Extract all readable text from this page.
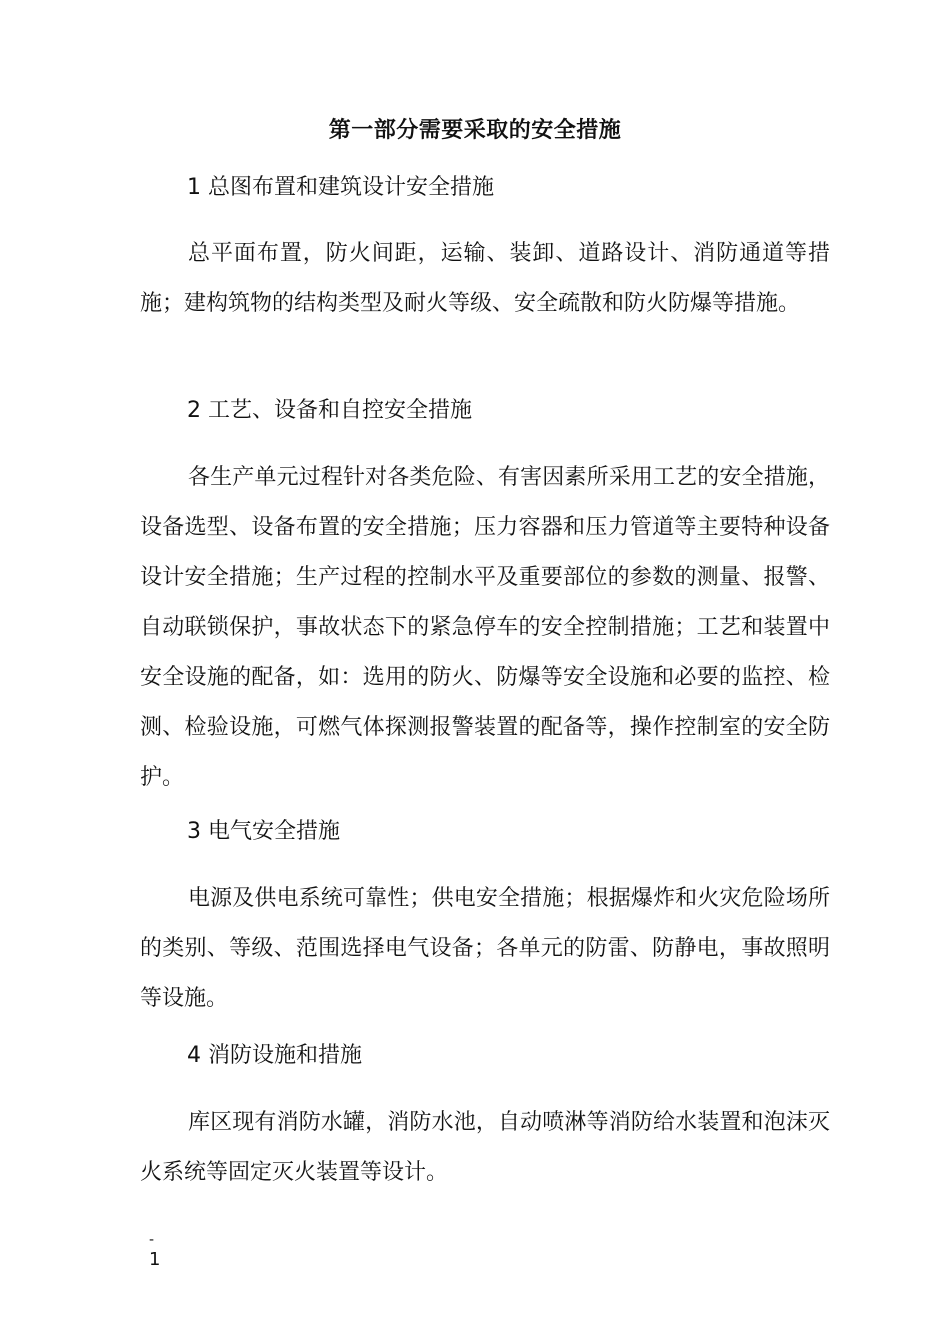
第一部分需要采取的安全措施
1 总图布置和建筑设计安全措施
总平面布置，防火间距，运输、装卸、道路设计、消防通道等措施；建构筑物的结构类型及耐火等级、安全疏散和防火防爆等措施。
2 工艺、设备和自控安全措施
各生产单元过程针对各类危险、有害因素所采用工艺的安全措施，设备选型、设备布置的安全措施；压力容器和压力管道等主要特种设备设计安全措施；生产过程的控制水平及重要部位的参数的测量、报警、自动联锁保护，事故状态下的紧急停车的安全控制措施；工艺和装置中安全设施的配备，如：选用的防火、防爆等安全设施和必要的监控、检测、检验设施，可燃气体探测报警装置的配备等，操作控制室的安全防护。
3 电气安全措施
电源及供电系统可靠性；供电安全措施；根据爆炸和火灾危险场所的类别、等级、范围选择电气设备；各单元的防雷、防静电，事故照明等设施。
4 消防设施和措施
库区现有消防水罐，消防水池，自动喷淋等消防给水装置和泡沫灭火系统等固定灭火装置等设计。
-
1
